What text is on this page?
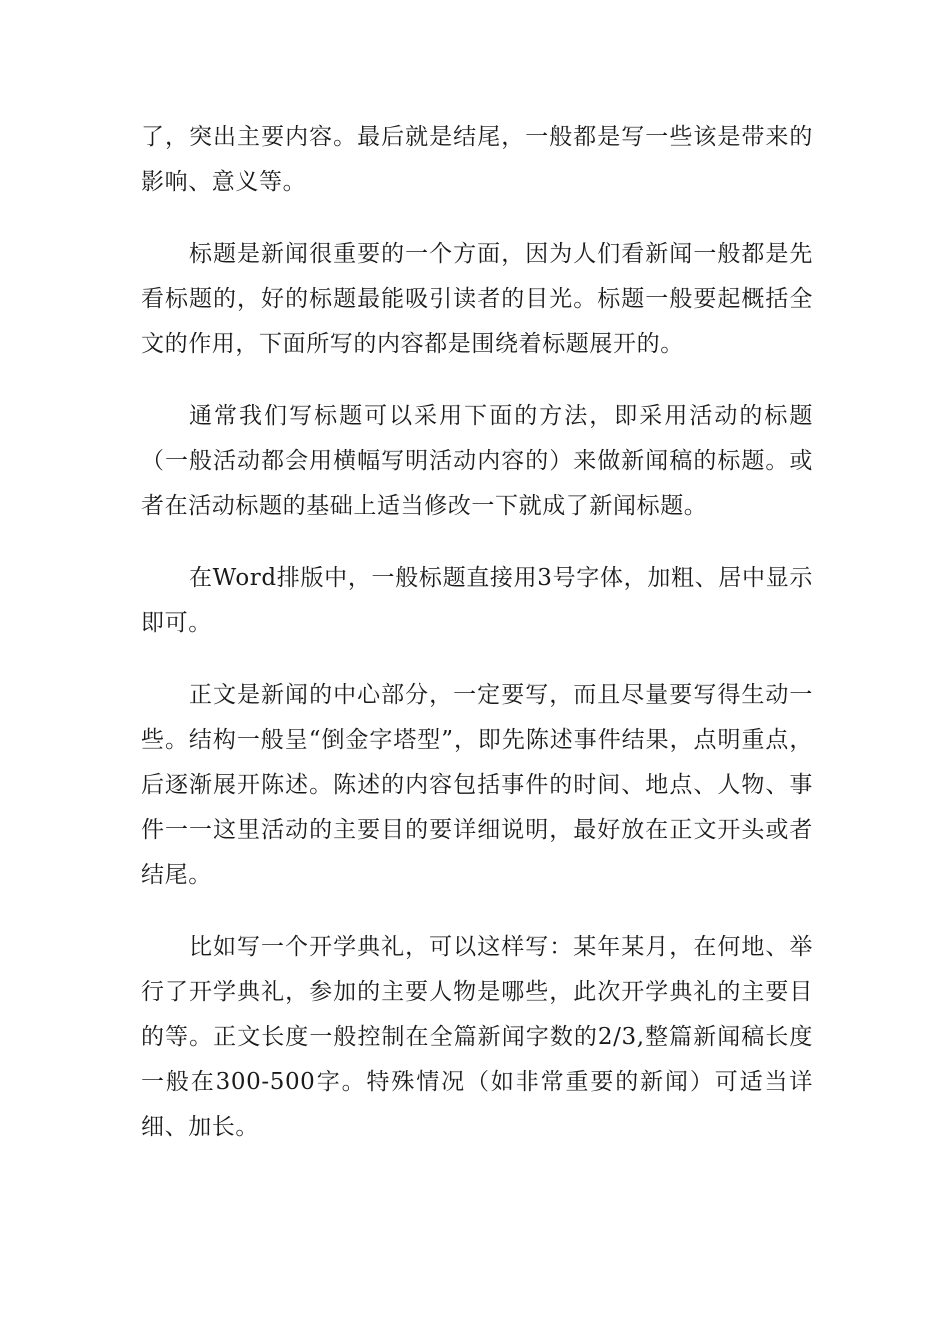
了，突出主要内容。最后就是结尾，一般都是写一些该是带来的影响、意义等。

标题是新闻很重要的一个方面，因为人们看新闻一般都是先看标题的，好的标题最能吸引读者的目光。标题一般要起概括全文的作用，下面所写的内容都是围绕着标题展开的。

通常我们写标题可以采用下面的方法，即采用活动的标题（一般活动都会用横幅写明活动内容的）来做新闻稿的标题。或者在活动标题的基础上适当修改一下就成了新闻标题。

在Word排版中，一般标题直接用3号字体，加粗、居中显示即可。

正文是新闻的中心部分，一定要写，而且尽量要写得生动一些。结构一般呈“倒金字塔型”，即先陈述事件结果，点明重点，后逐渐展开陈述。陈述的内容包括事件的时间、地点、人物、事件一一这里活动的主要目的要详细说明，最好放在正文开头或者结尾。

比如写一个开学典礼，可以这样写：某年某月，在何地、举行了开学典礼，参加的主要人物是哪些，此次开学典礼的主要目的等。正文长度一般控制在全篇新闻字数的2/3,整篇新闻稿长度一般在300-500字。特殊情况（如非常重要的新闻）可适当详细、加长。
